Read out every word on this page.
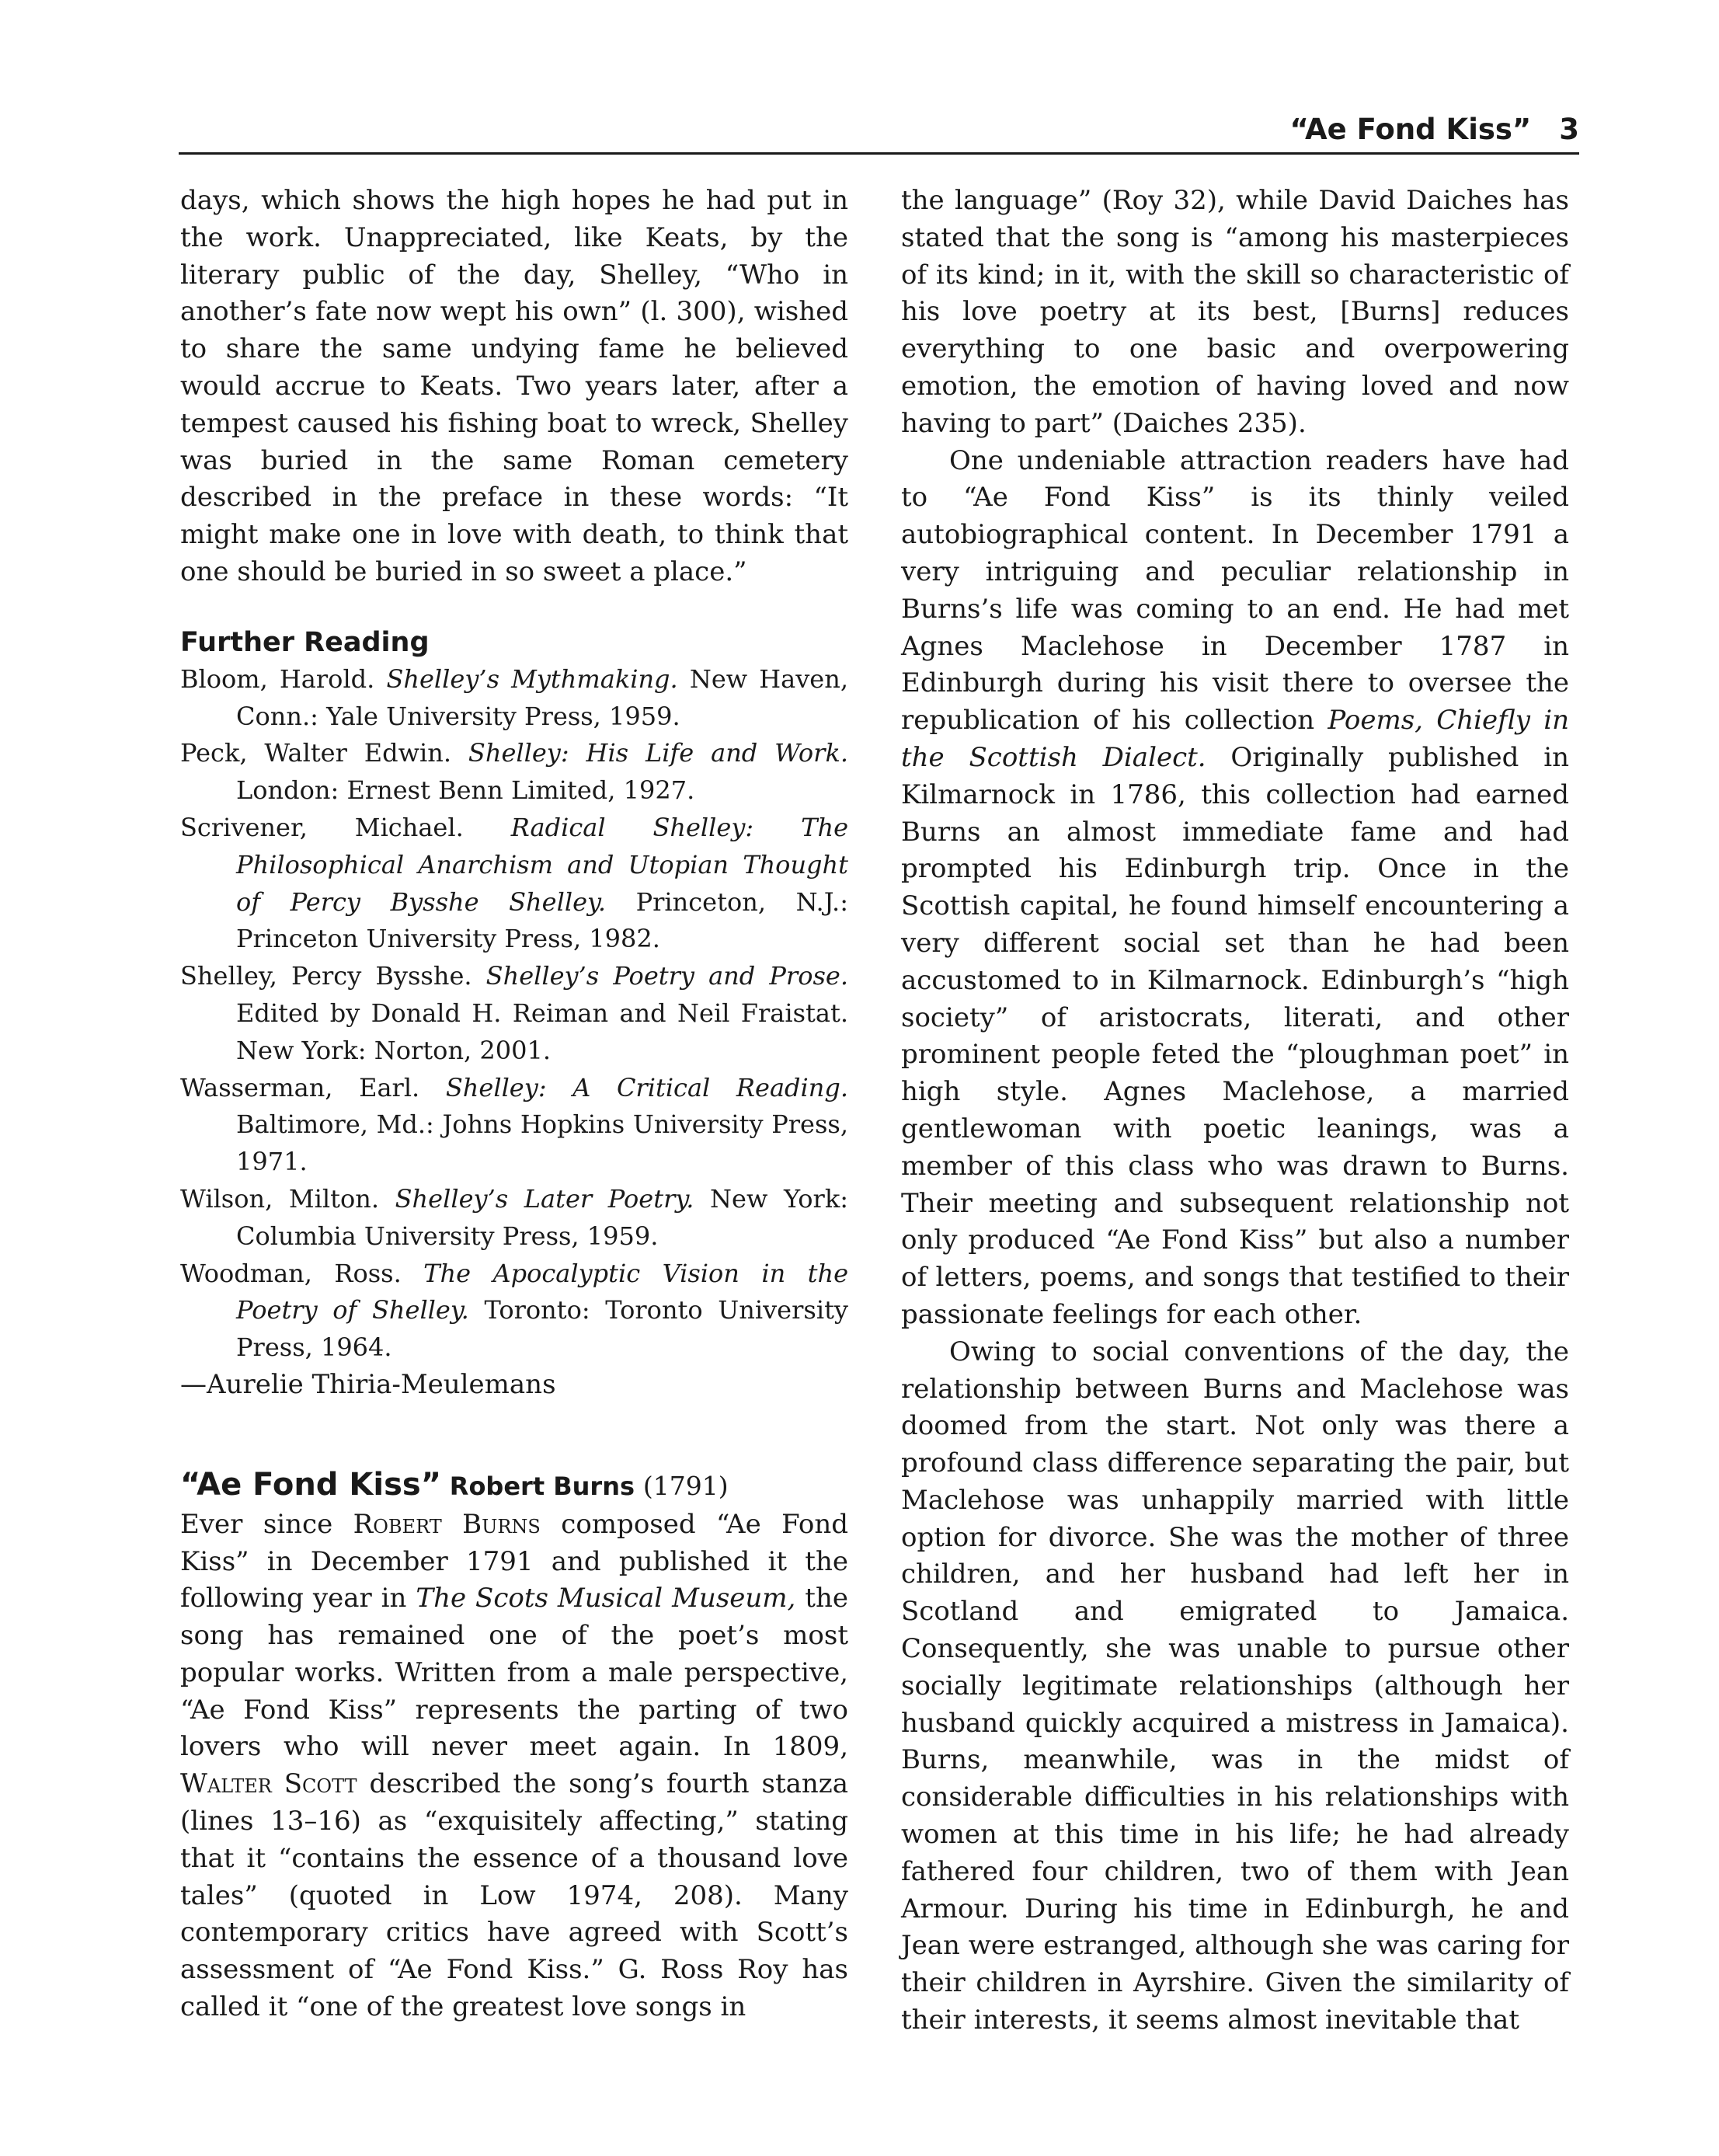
“Ae Fond Kiss” 3

days, which shows the high hopes he had put in the work. Unappreciated, like Keats, by the literary public of the day, Shelley, “Who in another’s fate now wept his own” (l. 300), wished to share the same undying fame he believed would accrue to Keats. Two years later, after a tempest caused his fishing boat to wreck, Shelley was buried in the same Roman cemetery described in the preface in these words: “It might make one in love with death, to think that one should be buried in so sweet a place.”

Further Reading
Bloom, Harold. Shelley’s Mythmaking. New Haven, Conn.: Yale University Press, 1959.
Peck, Walter Edwin. Shelley: His Life and Work. London: Ernest Benn Limited, 1927.
Scrivener, Michael. Radical Shelley: The Philosophical Anarchism and Utopian Thought of Percy Bysshe Shelley. Princeton, N.J.: Princeton University Press, 1982.
Shelley, Percy Bysshe. Shelley’s Poetry and Prose. Edited by Donald H. Reiman and Neil Fraistat. New York: Norton, 2001.
Wasserman, Earl. Shelley: A Critical Reading. Baltimore, Md.: Johns Hopkins University Press, 1971.
Wilson, Milton. Shelley’s Later Poetry. New York: Columbia University Press, 1959.
Woodman, Ross. The Apocalyptic Vision in the Poetry of Shelley. Toronto: Toronto University Press, 1964.

—Aurelie Thiria-Meulemans

“Ae Fond Kiss” Robert Burns (1791)

Ever since Robert Burns composed “Ae Fond Kiss” in December 1791 and published it the following year in The Scots Musical Museum, the song has remained one of the poet’s most popular works. Written from a male perspective, “Ae Fond Kiss” represents the parting of two lovers who will never meet again. In 1809, Walter Scott described the song’s fourth stanza (lines 13–16) as “exquisitely affecting,” stating that it “contains the essence of a thousand love tales” (quoted in Low 1974, 208). Many contemporary critics have agreed with Scott’s assessment of “Ae Fond Kiss.” G. Ross Roy has called it “one of the greatest love songs in

the language” (Roy 32), while David Daiches has stated that the song is “among his masterpieces of its kind; in it, with the skill so characteristic of his love poetry at its best, [Burns] reduces everything to one basic and overpowering emotion, the emotion of having loved and now having to part” (Daiches 235).

One undeniable attraction readers have had to “Ae Fond Kiss” is its thinly veiled autobiographical content. In December 1791 a very intriguing and peculiar relationship in Burns’s life was coming to an end. He had met Agnes Maclehose in December 1787 in Edinburgh during his visit there to oversee the republication of his collection Poems, Chiefly in the Scottish Dialect. Originally published in Kilmarnock in 1786, this collection had earned Burns an almost immediate fame and had prompted his Edinburgh trip. Once in the Scottish capital, he found himself encountering a very different social set than he had been accustomed to in Kilmarnock. Edinburgh’s “high society” of aristocrats, literati, and other prominent people feted the “ploughman poet” in high style. Agnes Maclehose, a married gentlewoman with poetic leanings, was a member of this class who was drawn to Burns. Their meeting and subsequent relationship not only produced “Ae Fond Kiss” but also a number of letters, poems, and songs that testified to their passionate feelings for each other.

Owing to social conventions of the day, the relationship between Burns and Maclehose was doomed from the start. Not only was there a profound class difference separating the pair, but Maclehose was unhappily married with little option for divorce. She was the mother of three children, and her husband had left her in Scotland and emigrated to Jamaica. Consequently, she was unable to pursue other socially legitimate relationships (although her husband quickly acquired a mistress in Jamaica). Burns, meanwhile, was in the midst of considerable difficulties in his relationships with women at this time in his life; he had already fathered four children, two of them with Jean Armour. During his time in Edinburgh, he and Jean were estranged, although she was caring for their children in Ayrshire. Given the similarity of their interests, it seems almost inevitable that
